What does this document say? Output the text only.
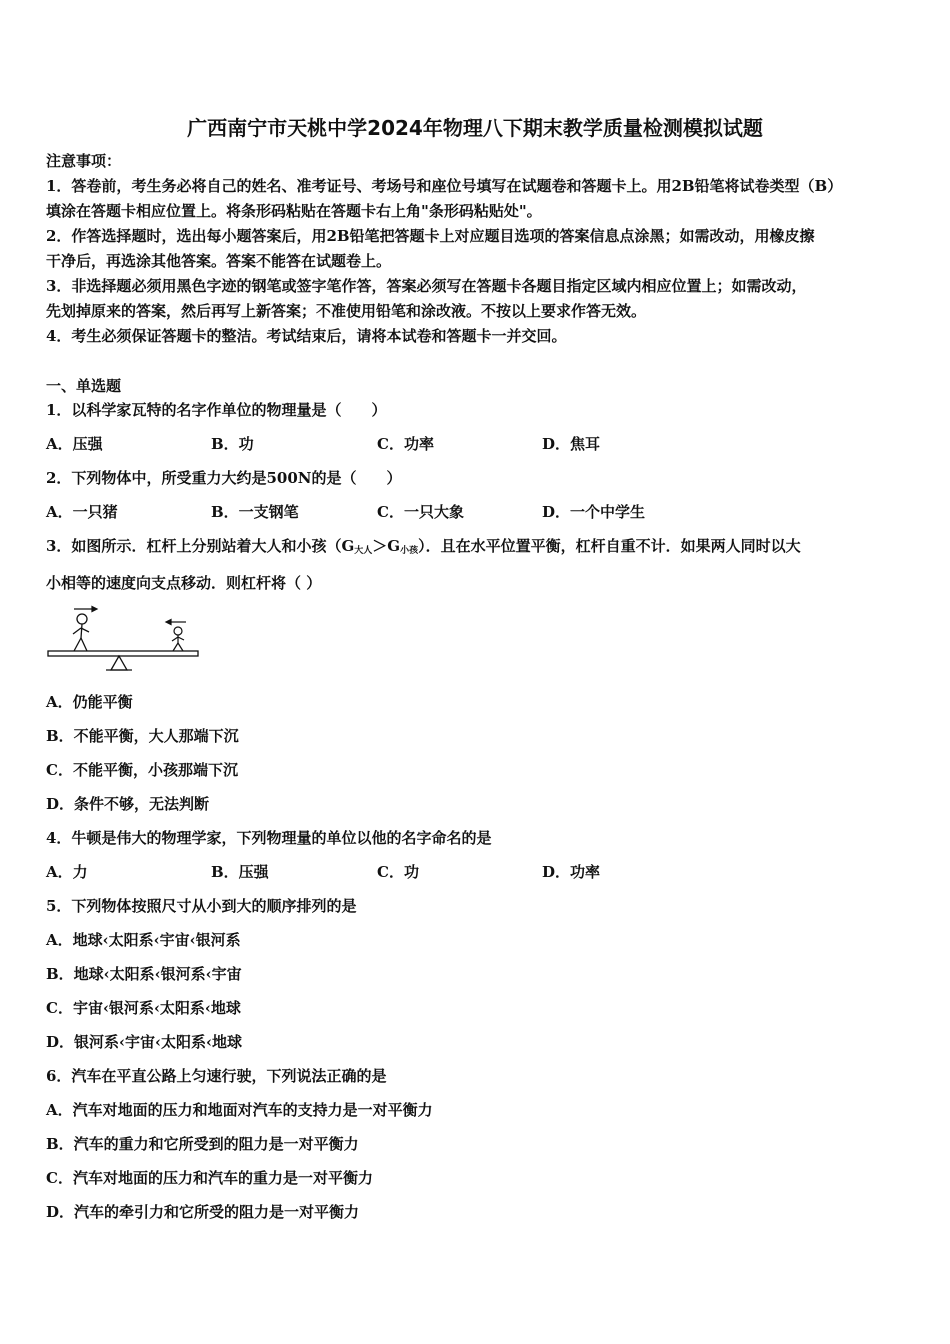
广西南宁市天桃中学2024年物理八下期末教学质量检测模拟试题
注意事项：
1．答卷前，考生务必将自己的姓名、准考证号、考场号和座位号填写在试题卷和答题卡上。用2B铅笔将试卷类型（B）
填涂在答题卡相应位置上。将条形码粘贴在答题卡右上角"条形码粘贴处"。
2．作答选择题时，选出每小题答案后，用2B铅笔把答题卡上对应题目选项的答案信息点涂黑；如需改动，用橡皮擦
干净后，再选涂其他答案。答案不能答在试题卷上。
3．非选择题必须用黑色字迹的钢笔或签字笔作答，答案必须写在答题卡各题目指定区域内相应位置上；如需改动，
先划掉原来的答案，然后再写上新答案；不准使用铅笔和涂改液。不按以上要求作答无效。
4．考生必须保证答题卡的整洁。考试结束后，请将本试卷和答题卡一并交回。
一、单选题
1．以科学家瓦特的名字作单位的物理量是（　　）
A．压强	B．功	C．功率	D．焦耳
2．下列物体中，所受重力大约是500N的是（　　）
A．一只猪	B．一支钢笔	C．一只大象	D．一个中学生
3．如图所示．杠杆上分别站着大人和小孩$(G_{大人}>G_{小孩})$．且在水平位置平衡，杠杆自重不计．如果两人同时以大
小相等的速度向支点移动．则杠杆将（ ）
A．仍能平衡
B．不能平衡，大人那端下沉
C．不能平衡，小孩那端下沉
D．条件不够，无法判断
4．牛顿是伟大的物理学家，下列物理量的单位以他的名字命名的是
A．力	B．压强	C．功	D．功率
5．下列物体按照尺寸从小到大的顺序排列的是
A．地球‹太阳系‹宇宙‹银河系
B．地球‹太阳系‹银河系‹宇宙
C．宇宙‹银河系‹太阳系‹地球
D．银河系‹宇宙‹太阳系‹地球
6．汽车在平直公路上匀速行驶，下列说法正确的是
A．汽车对地面的压力和地面对汽车的支持力是一对平衡力
B．汽车的重力和它所受到的阻力是一对平衡力
C．汽车对地面的压力和汽车的重力是一对平衡力
D．汽车的牵引力和它所受的阻力是一对平衡力
